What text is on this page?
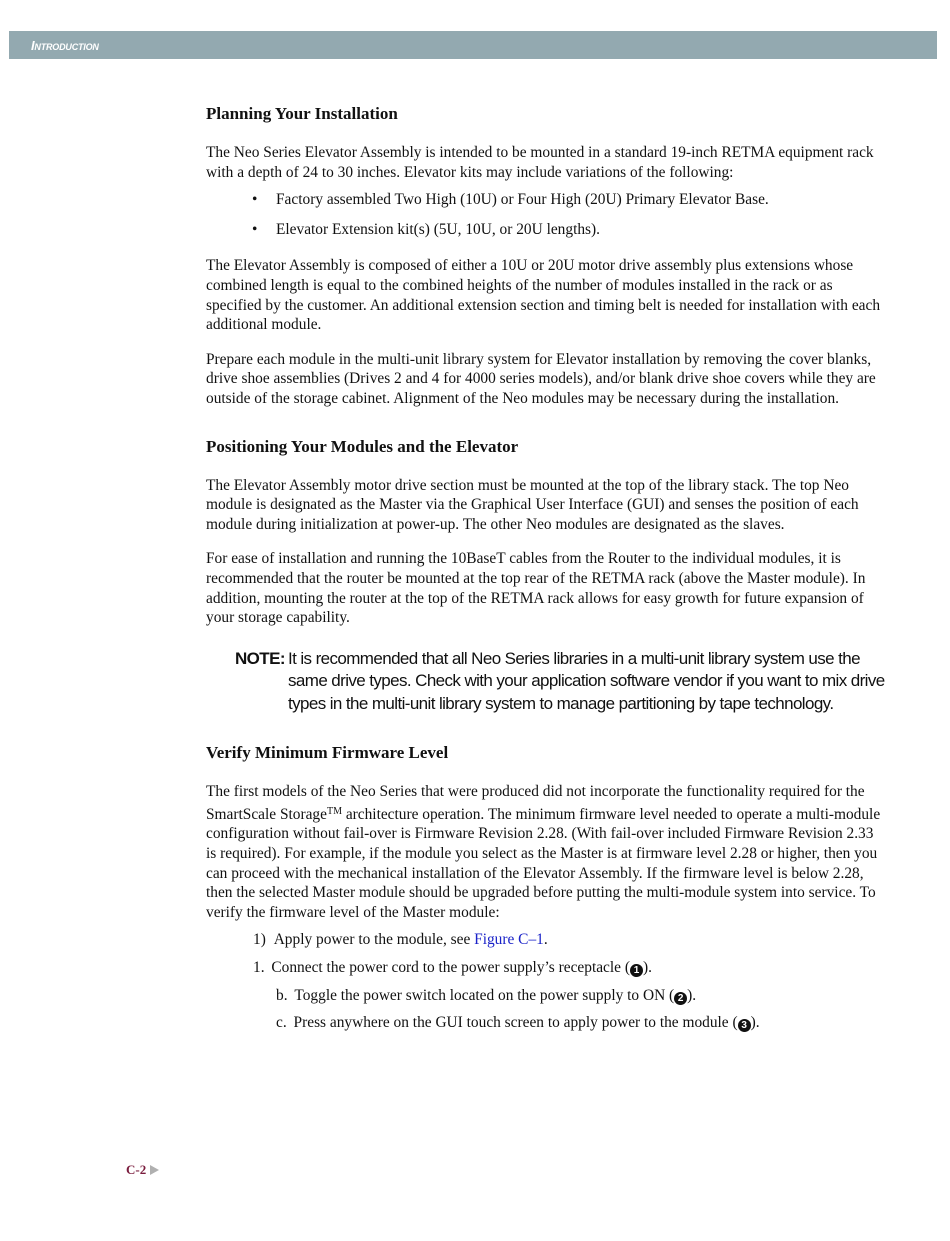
Introduction
Planning Your Installation

The Neo Series Elevator Assembly is intended to be mounted in a standard 19-inch RETMA equipment rack with a depth of 24 to 30 inches. Elevator kits may include variations of the following:

• Factory assembled Two High (10U) or Four High (20U) Primary Elevator Base.
• Elevator Extension kit(s) (5U, 10U, or 20U lengths).

The Elevator Assembly is composed of either a 10U or 20U motor drive assembly plus extensions whose combined length is equal to the combined heights of the number of modules installed in the rack or as specified by the customer. An additional extension section and timing belt is needed for installation with each additional module.

Prepare each module in the multi-unit library system for Elevator installation by removing the cover blanks, drive shoe assemblies (Drives 2 and 4 for 4000 series models), and/or blank drive shoe covers while they are outside of the storage cabinet. Alignment of the Neo modules may be necessary during the installation.

Positioning Your Modules and the Elevator

The Elevator Assembly motor drive section must be mounted at the top of the library stack. The top Neo module is designated as the Master via the Graphical User Interface (GUI) and senses the position of each module during initialization at power-up. The other Neo modules are designated as the slaves.

For ease of installation and running the 10BaseT cables from the Router to the individual modules, it is recommended that the router be mounted at the top rear of the RETMA rack (above the Master module). In addition, mounting the router at the top of the RETMA rack allows for easy growth for future expansion of your storage capability.

NOTE: It is recommended that all Neo Series libraries in a multi-unit library system use the same drive types. Check with your application software vendor if you want to mix drive types in the multi-unit library system to manage partitioning by tape technology.
Verify Minimum Firmware Level

The first models of the Neo Series that were produced did not incorporate the functionality required for the SmartScale Storage™ architecture operation. The minimum firmware level needed to operate a multi-module configuration without fail-over is Firmware Revision 2.28. (With fail-over included Firmware Revision 2.33 is required). For example, if the module you select as the Master is at firmware level 2.28 or higher, then you can proceed with the mechanical installation of the Elevator Assembly. If the firmware level is below 2.28, then the selected Master module should be upgraded before putting the multi-module system into service. To verify the firmware level of the Master module:

1) Apply power to the module, see Figure C–1.
1. Connect the power cord to the power supply’s receptacle ( 1 ).
b. Toggle the power switch located on the power supply to ON ( 2 ).
c. Press anywhere on the GUI touch screen to apply power to the module ( 3 ).
C-2
